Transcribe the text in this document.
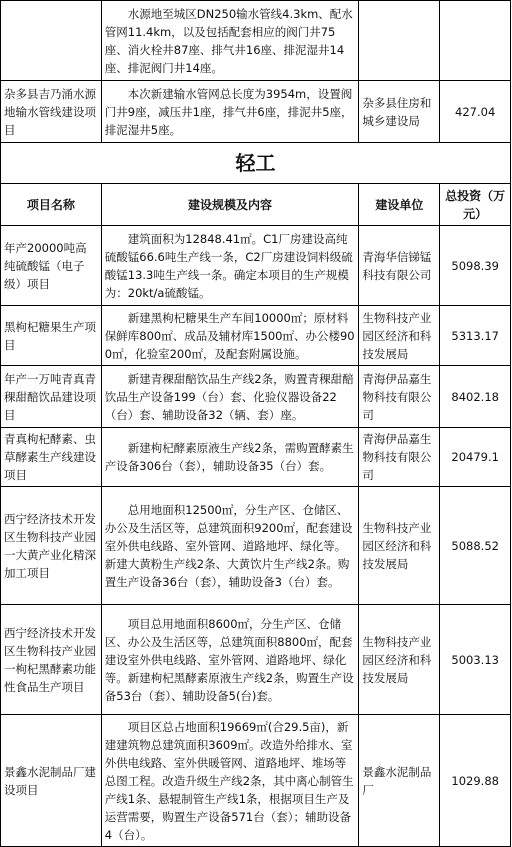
	水源地至城区DN250输水管线4.3km、配水管网11.4km，以及包括配套相应的阀门井75座、消火栓井87座、排气井16座、排泥湿井14座、排泥阀门井14座。		
杂多县吉乃涌水源地输水管线建设项目	本次新建输水管网总长度为3954m，设置阀门井9座，减压井1座，排气井6座，排泥井5座，排泥湿井5座。	杂多县住房和城乡建设局	427.04
轻工			
项目名称	建设规模及内容	建设单位	总投资（万元）
年产20000吨高纯硫酸锰（电子级）项目	建筑面积为12848.41㎡。C1厂房建设高纯硫酸锰66.6吨生产线一条，C2厂房建设饲料级硫酸锰13.3吨生产线一条。确定本项目的生产规模为：20kt/a硫酸锰。	青海华信锑锰科技有限公司	5098.39
黑枸杞糖果生产项目	新建黑枸杞糖果生产车间10000㎡；原材料保鲜库800㎡、成品及辅材库1500㎡、办公楼900㎡，化验室200㎡，及配套附属设施。	生物科技产业园区经济和科技发展局	5313.17
年产一万吨青真青稞甜醅饮品建设项目	新建青稞甜醅饮品生产线2条，购置青稞甜醅饮品生产设备199（台）套、化验仪器设备22（台）套、辅助设备32（辆、套）座。	青海伊品嘉生物科技有限公司	8402.18
青真枸杞酵素、虫草酵素生产线建设项目	新建枸杞酵素原液生产线2条，需购置酵素生产设备306台（套），辅助设备35（台）套。	青海伊品嘉生物科技有限公司	20479.1
西宁经济技术开发区生物科技产业园一大黄产业化精深加工项目	总用地面积12500㎡，分生产区、仓储区、办公及生活区等，总建筑面积9200㎡，配套建设室外供电线路、室外管网、道路地坪、绿化等。新建大黄粉生产线2条、大黄饮片生产线2条。购置生产设备36台（套），辅助设备3（台）套。	生物科技产业园区经济和科技发展局	5088.52
西宁经济技术开发区生物科技产业园一枸杞黑酵素功能性食品生产项目	项目总用地面积8600㎡，分生产区、仓储区、办公及生活区等，总建筑面积8800㎡，配套建设室外供电线路、室外管网、道路地坪、绿化等。新建枸杞黑酵素原液生产线2条，购置生产设备53台（套）、辅助设备5(台)套。	生物科技产业园区经济和科技发展局	5003.13
景鑫水泥制品厂建设项目	项目区总占地面积19669㎡(合29.5亩)，新建建筑物总建筑面积3609㎡。改造外给排水、室外供电线路、室外供暖管网、道路地坪、堆场等总图工程。改造升级生产线2条，其中离心制管生产线1条、悬辊制管生产线1条，根据项目生产及运营需要，购置生产设备571台（套）；辅助设备4（台）。	景鑫水泥制品厂	1029.88
